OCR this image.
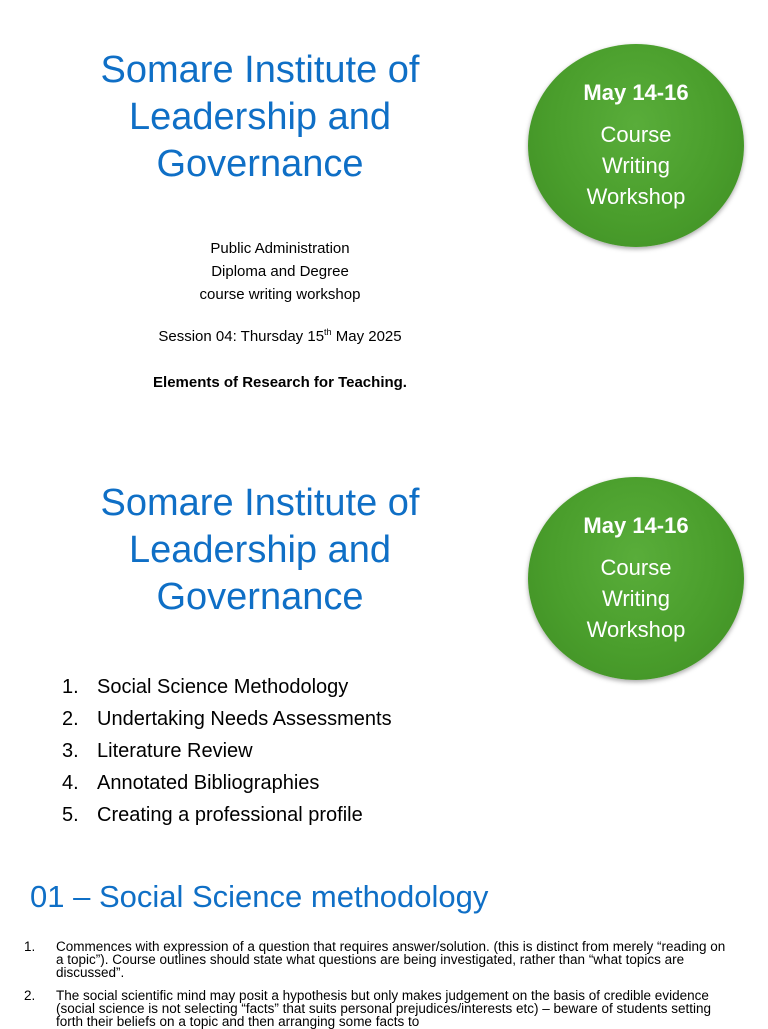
Somare Institute of Leadership and Governance
May 14-16
Course
Writing
Workshop
Public Administration
Diploma and Degree
course writing workshop
Session 04: Thursday 15th May 2025
Elements of Research for Teaching.
Somare Institute of Leadership and Governance
May 14-16
Course
Writing
Workshop
1. Social Science Methodology
2. Undertaking Needs Assessments
3. Literature Review
4. Annotated Bibliographies
5. Creating a professional profile
01 – Social Science methodology
1.	Commences with expression of a question that requires answer/solution. (this is distinct from merely “reading on a topic”). Course outlines should state what questions are being investigated, rather than “what topics are discussed”.
2.	The social scientific mind may posit a hypothesis but only makes judgement on the basis of credible evidence (social science is not selecting “facts” that suits personal prejudices/interests etc) – beware of students setting forth their beliefs on a topic and then arranging some facts to
